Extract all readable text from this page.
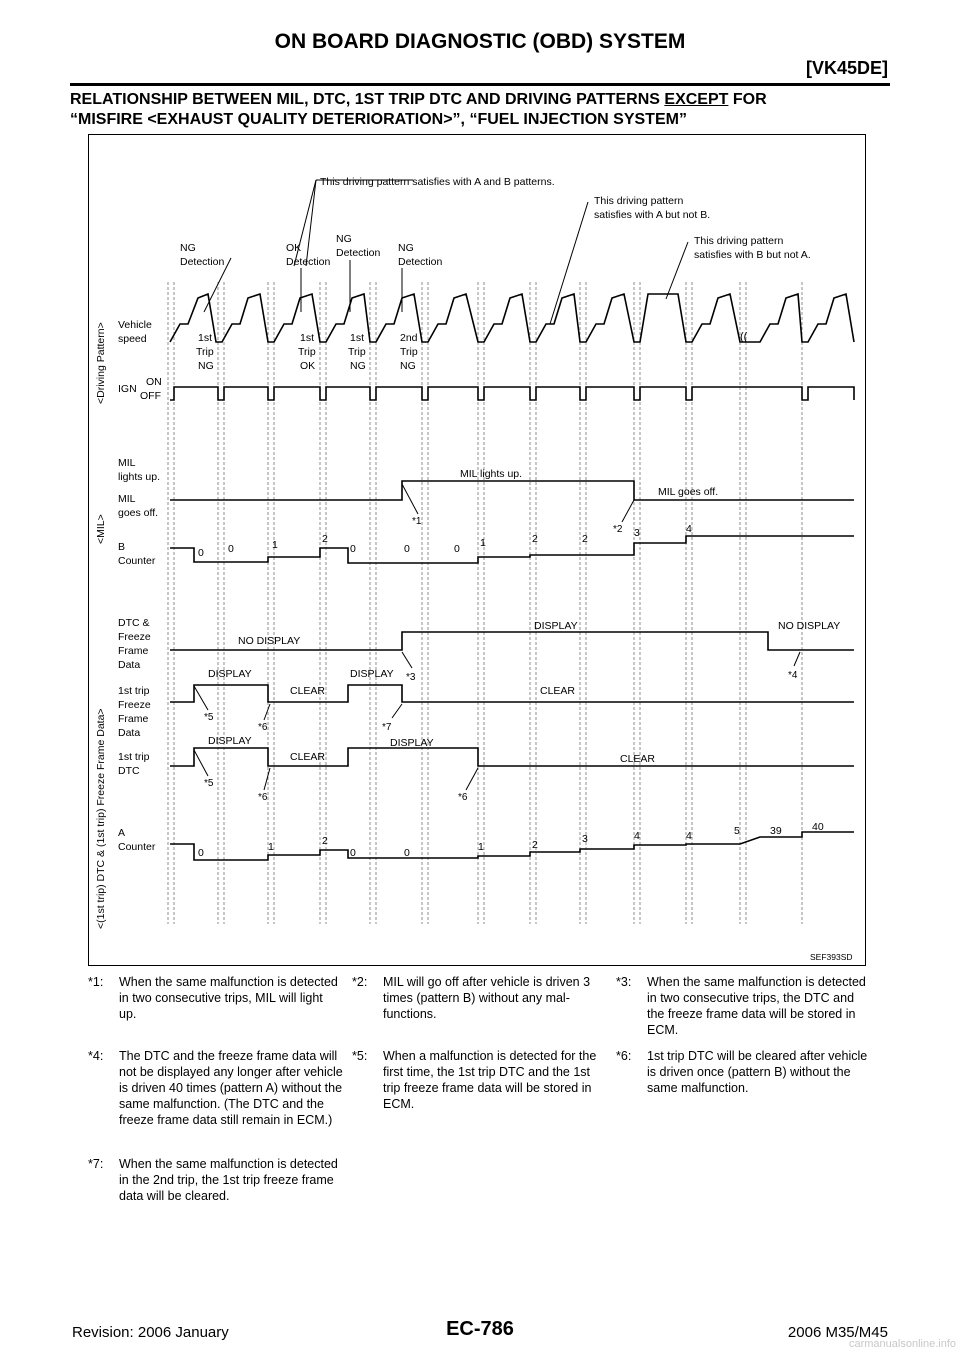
ON BOARD DIAGNOSTIC (OBD) SYSTEM
[VK45DE]
RELATIONSHIP BETWEEN MIL, DTC, 1ST TRIP DTC AND DRIVING PATTERNS EXCEPT FOR
“MISFIRE <EXHAUST QUALITY DETERIORATION>”, “FUEL INJECTION SYSTEM”
This driving pattern satisfies with A and B patterns.
This driving pattern
satisfies with A but not B.
This driving pattern
satisfies with B but not A.
NG
Detection
OK
Detection
NG
Detection NG
Detection
<Driving Pattern>
<MIL>
<(1st trip) DTC & (1st trip) Freeze Frame Data>
Vehicle
speed	((
1st
Trip
NG
1st
Trip
OK
1st
Trip
NG
2nd
Trip
NG
IGN
ON
OFF
MIL
lights up.
MIL
goes off.
MIL lights up.
MIL goes off.
*1
*2
B
Counter
0 0	1	2
0	0	0 1	2	2	3	4
DTC &
Freeze
Frame
Data
NO DISPLAY
DISPLAY	NO DISPLAY
*3	*4
1st trip
Freeze
Frame
Data
DISPLAY
CLEAR
DISPLAY
CLEAR
*5
*6	*7
1st trip
DTC
DISPLAY
CLEAR
DISPLAY
CLEAR
*5
*6	*6
A
Counter	0	1	2
0	0	1	2	3	4	4	5	39	40
SEF393SD
*1: When the same malfunction is detected in two consecutive trips, MIL will light up.
*2: MIL will go off after vehicle is driven 3 times (pattern B) without any mal-functions.
*3: When the same malfunction is detected in two consecutive trips, the DTC and the freeze frame data will be stored in ECM.
*4: The DTC and the freeze frame data will not be displayed any longer after vehicle is driven 40 times (pattern A) without the same malfunction. (The DTC and the freeze frame data still remain in ECM.)
*5: When a malfunction is detected for the first time, the 1st trip DTC and the 1st trip freeze frame data will be stored in ECM.
*6: 1st trip DTC will be cleared after vehicle is driven once (pattern B) without the same malfunction.
*7: When the same malfunction is detected in the 2nd trip, the 1st trip freeze frame data will be cleared.
Revision: 2006 January	EC-786	2006 M35/M45
carmanualsonline.info
